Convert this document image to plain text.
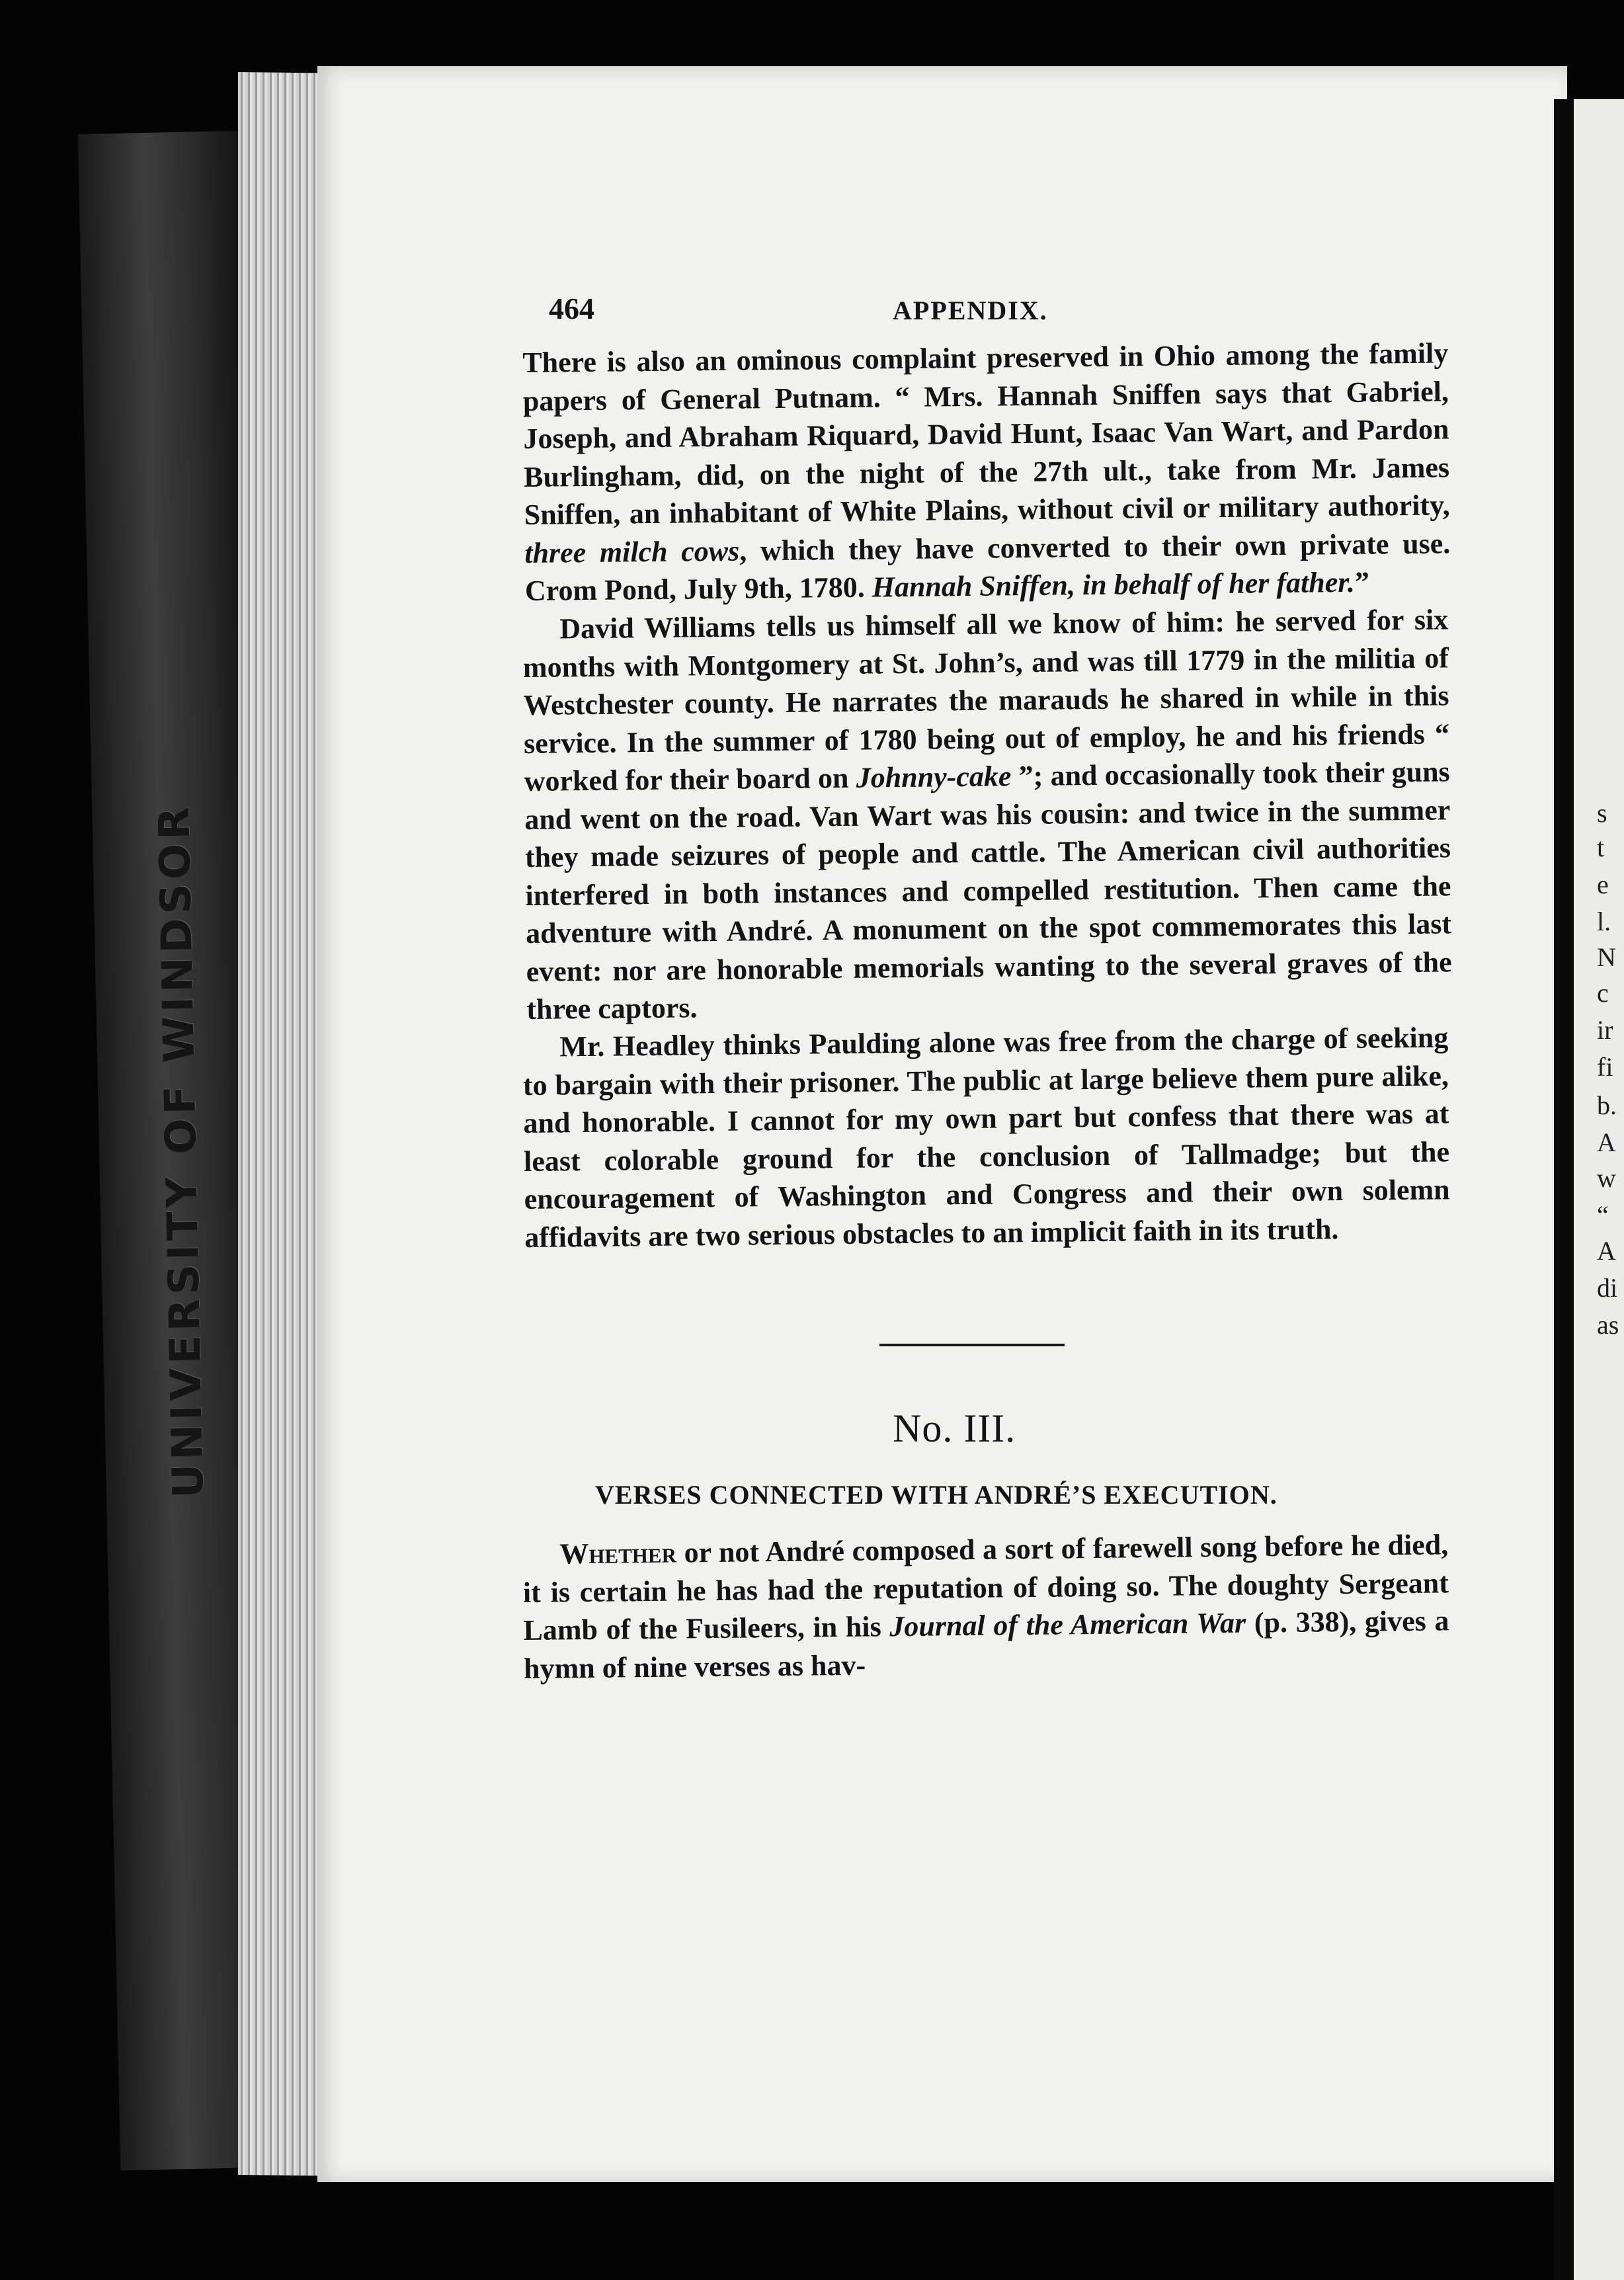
UNIVERSITY OF WINDSOR	s
t
e
l.
N
c
ir
fi
b.
A
w
“
A
di
as
464	APPENDIX.

There is also an ominous complaint preserved in Ohio among the family papers of General Putnam. “ Mrs. Hannah Sniffen says that Gabriel, Joseph, and Abraham Riquard, David Hunt, Isaac Van Wart, and Pardon Burlingham, did, on the night of the 27th ult., take from Mr. James Sniffen, an inhabitant of White Plains, without civil or military authority, three milch cows, which they have converted to their own private use. Crom Pond, July 9th, 1780. Hannah Sniffen, in behalf of her father.”

David Williams tells us himself all we know of him: he served for six months with Montgomery at St. John’s, and was till 1779 in the militia of Westchester county. He narrates the marauds he shared in while in this service. In the summer of 1780 being out of employ, he and his friends “ worked for their board on Johnny-cake ”; and occasionally took their guns and went on the road. Van Wart was his cousin: and twice in the summer they made seizures of people and cattle. The American civil authorities interfered in both instances and compelled restitution. Then came the adventure with André. A monument on the spot commemorates this last event: nor are honorable memorials wanting to the several graves of the three captors.

Mr. Headley thinks Paulding alone was free from the charge of seeking to bargain with their prisoner. The public at large believe them pure alike, and honorable. I cannot for my own part but confess that there was at least colorable ground for the conclusion of Tallmadge; but the encouragement of Washington and Congress and their own solemn affidavits are two serious obstacles to an implicit faith in its truth.

No. III.
VERSES CONNECTED WITH ANDRÉ’S EXECUTION.

Whether or not André composed a sort of farewell song before he died, it is certain he has had the reputation of doing so. The doughty Sergeant Lamb of the Fusileers, in his Journal of the American War (p. 338), gives a hymn of nine verses as hav-
